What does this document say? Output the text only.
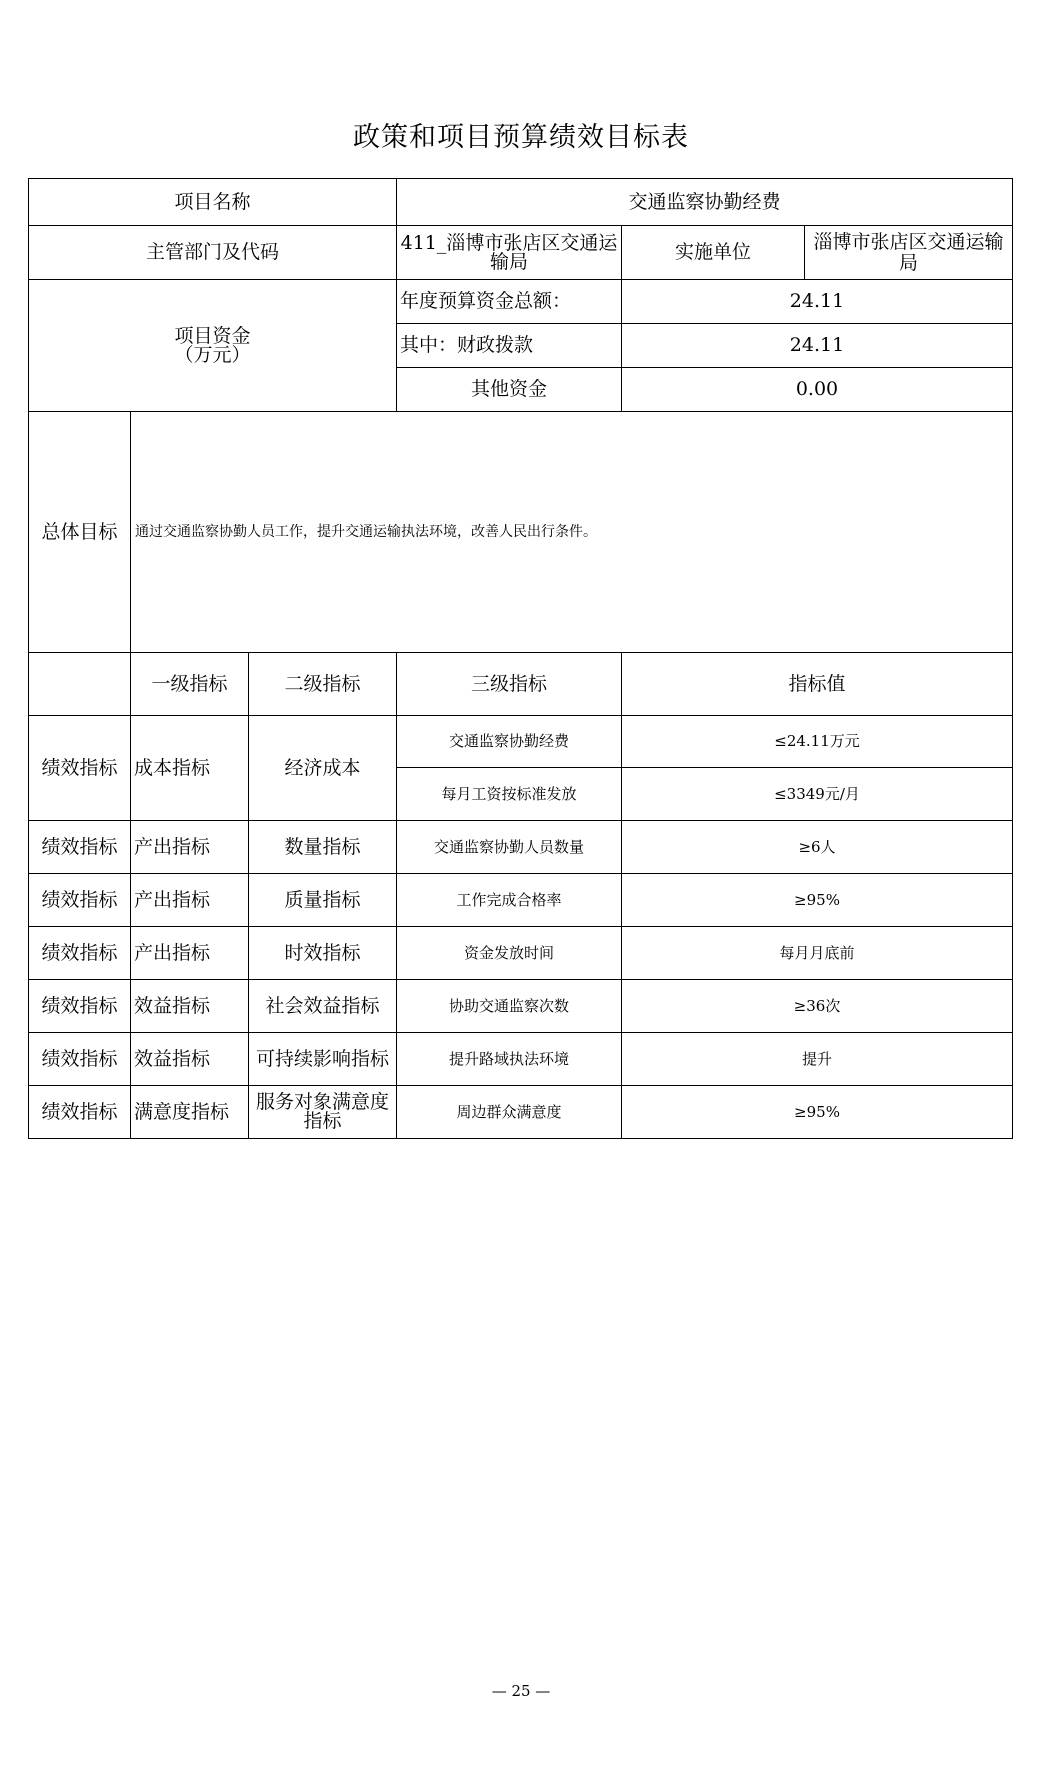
政策和项目预算绩效目标表
项目名称			交通监察协勤经费		
主管部门及代码			411_淄博市张店区交通运输局	实施单位	淄博市张店区交通运输局

项目资金
（万元）			年度预算资金总额：	24.11	
			其中：财政拨款	24.11	
			其他资金	0.00	
总体目标	通过交通监察协勤人员工作，提升交通运输执法环境，改善人民出行条件。				
	一级指标	二级指标	三级指标	指标值	
绩效指标	成本指标	经济成本	交通监察协勤经费	≤24.11万元	
			每月工资按标准发放	≤3349元/月	
绩效指标	产出指标	数量指标	交通监察协勤人员数量	≥6人	
绩效指标	产出指标	质量指标	工作完成合格率	≥95%	
绩效指标	产出指标	时效指标	资金发放时间	每月月底前	
绩效指标	效益指标	社会效益指标	协助交通监察次数	≥36次	
绩效指标	效益指标	可持续影响指标	提升路域执法环境	提升	
绩效指标	满意度指标	服务对象满意度指标	周边群众满意度	≥95%	
— 25 —
